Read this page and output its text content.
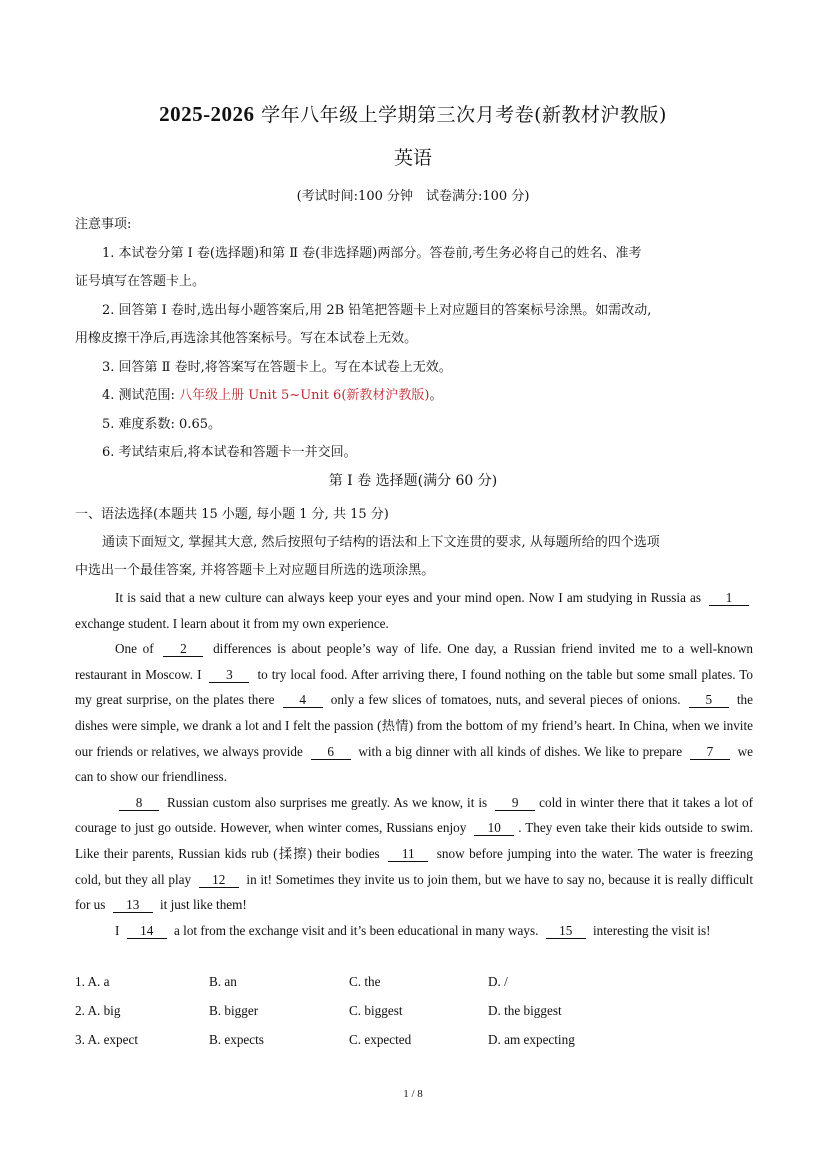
2025-2026 学年八年级上学期第三次月考卷(新教材沪教版)
英语
(考试时间:100 分钟　试卷满分:100 分)
注意事项:
1. 本试卷分第 Ⅰ 卷(选择题)和第 Ⅱ 卷(非选择题)两部分。答卷前,考生务必将自己的姓名、准考
证号填写在答题卡上。
2. 回答第 Ⅰ 卷时,选出每小题答案后,用 2B 铅笔把答题卡上对应题目的答案标号涂黑。如需改动,
用橡皮擦干净后,再选涂其他答案标号。写在本试卷上无效。
3. 回答第 Ⅱ 卷时,将答案写在答题卡上。写在本试卷上无效。
4. 测试范围: 八年级上册 Unit 5~Unit 6(新教材沪教版)。
5. 难度系数: 0.65。
6. 考试结束后,将本试卷和答题卡一并交回。
一、语法选择(本题共 15 小题, 每小题 1 分, 共 15 分)
通读下面短文, 掌握其大意, 然后按照句子结构的语法和上下文连贯的要求, 从每题所给的四个选项
中选出一个最佳答案, 并将答题卡上对应题目所选的选项涂黑。
第 Ⅰ 卷 选择题(满分 60 分)

It is said that a new culture can always keep your eyes and your mind open. Now I am studying in Russia as 1 exchange student. I learn about it from my own experience.

One of 2 differences is about people’s way of life. One day, a Russian friend invited me to a well-known restaurant in Moscow. I 3 to try local food. After arriving there, I found nothing on the table but some small plates. To my great surprise, on the plates there 4 only a few slices of tomatoes, nuts, and several pieces of onions. 5 the dishes were simple, we drank a lot and I felt the passion (热情) from the bottom of my friend’s heart. In China, when we invite our friends or relatives, we always provide 6 with a big dinner with all kinds of dishes. We like to prepare 7 we can to show our friendliness.

8 Russian custom also surprises me greatly. As we know, it is 9 cold in winter there that it takes a lot of courage to just go outside. However, when winter comes, Russians enjoy 10 . They even take their kids outside to swim. Like their parents, Russian kids rub (揉擦) their bodies 11 snow before jumping into the water. The water is freezing cold, but they all play 12 in it! Sometimes they invite us to join them, but we have to say no, because it is really difficult for us 13 it just like them!

I 14 a lot from the exchange visit and it’s been educational in many ways. 15 interesting the visit is!

1. A. a	B. an	C. the	D. /
2. A. big	B. bigger	C. biggest	D. the biggest
3. A. expect	B. expects	C. expected	D. am expecting
1 / 8
